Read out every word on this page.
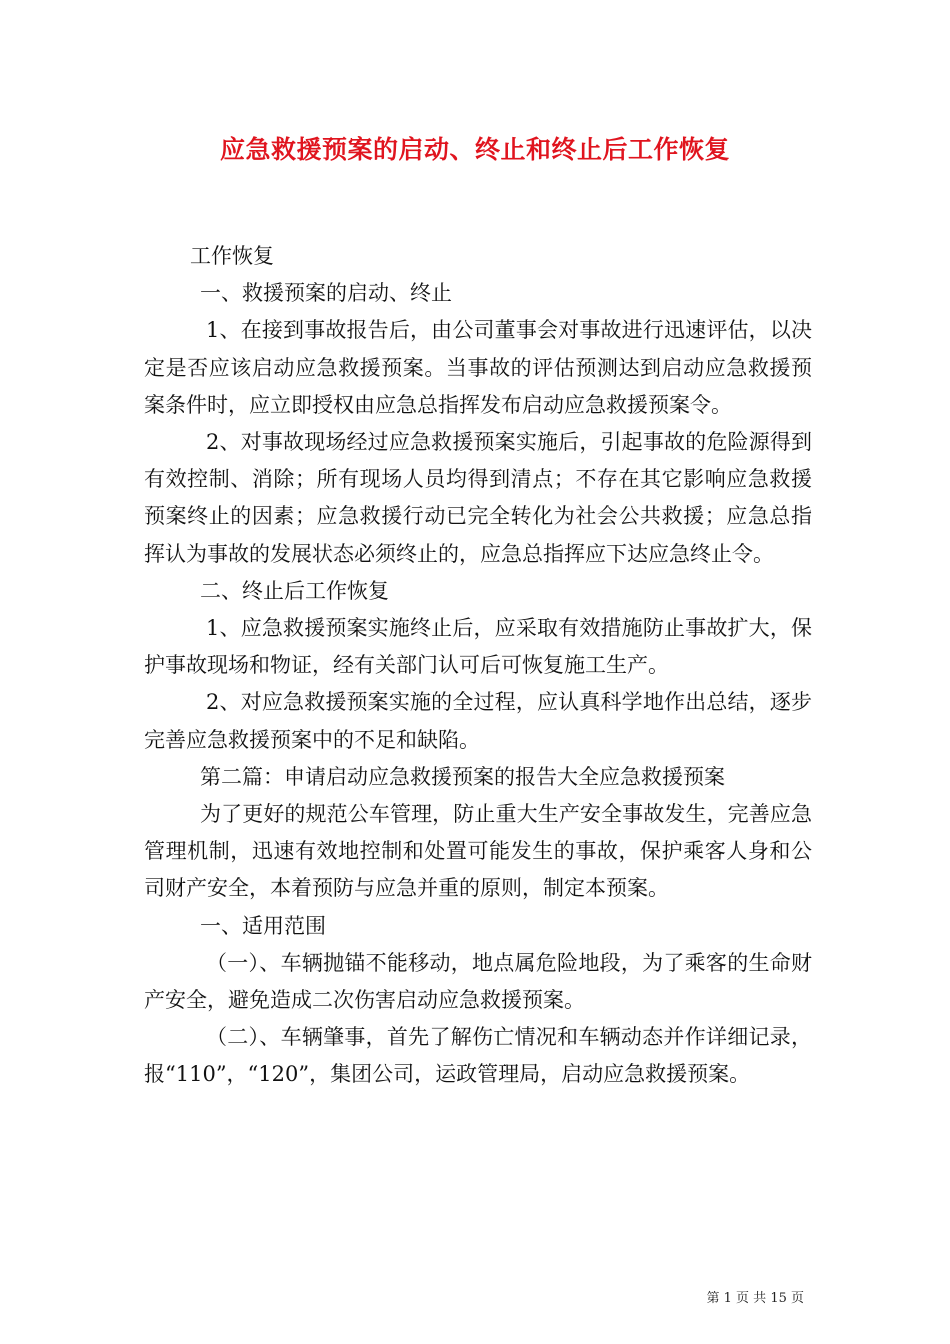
应急救援预案的启动、终止和终止后工作恢复

工作恢复

一、救援预案的启动、终止

1、在接到事故报告后，由公司董事会对事故进行迅速评估，以决定是否应该启动应急救援预案。当事故的评估预测达到启动应急救援预案条件时，应立即授权由应急总指挥发布启动应急救援预案令。

2、对事故现场经过应急救援预案实施后，引起事故的危险源得到有效控制、消除；所有现场人员均得到清点；不存在其它影响应急救援预案终止的因素；应急救援行动已完全转化为社会公共救援；应急总指挥认为事故的发展状态必须终止的，应急总指挥应下达应急终止令。

二、终止后工作恢复

1、应急救援预案实施终止后，应采取有效措施防止事故扩大，保护事故现场和物证，经有关部门认可后可恢复施工生产。

2、对应急救援预案实施的全过程，应认真科学地作出总结，逐步完善应急救援预案中的不足和缺陷。

第二篇：申请启动应急救援预案的报告大全应急救援预案

为了更好的规范公车管理，防止重大生产安全事故发生，完善应急管理机制，迅速有效地控制和处置可能发生的事故，保护乘客人身和公司财产安全，本着预防与应急并重的原则，制定本预案。

一、适用范围

（一）、车辆抛锚不能移动，地点属危险地段，为了乘客的生命财产安全，避免造成二次伤害启动应急救援预案。

（二）、车辆肇事，首先了解伤亡情况和车辆动态并作详细记录，报“110”，“120”，集团公司，运政管理局，启动应急救援预案。

第 1 页 共 15 页
